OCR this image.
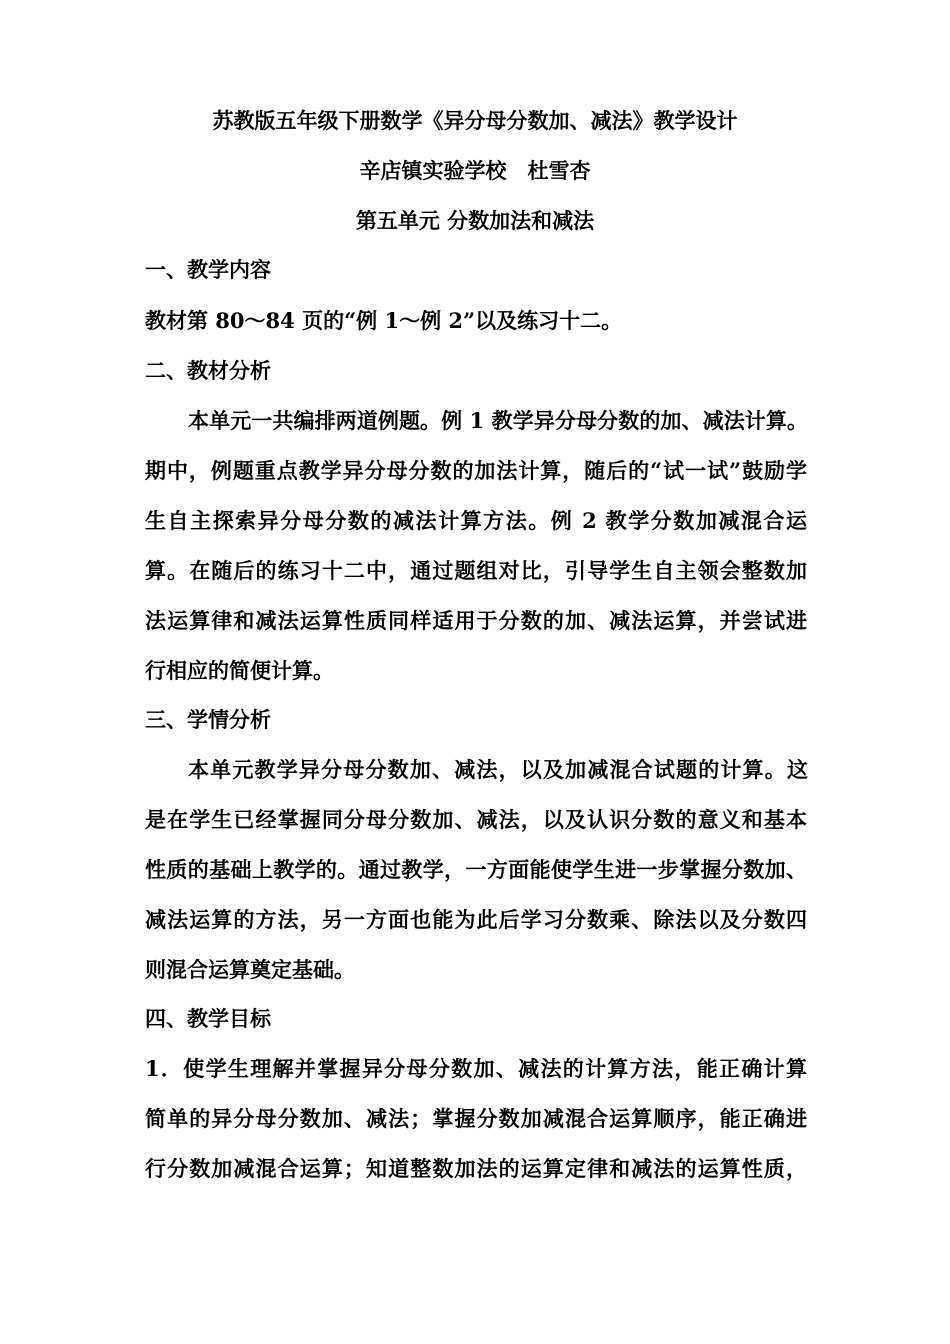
苏教版五年级下册数学《异分母分数加、减法》教学设计
辛店镇实验学校　杜雪杏
第五单元 分数加法和减法
一、教学内容
教材第 80～84 页的“例 1～例 2”以及练习十二。
二、教材分析
本单元一共编排两道例题。例 1 教学异分母分数的加、减法计算。
期中，例题重点教学异分母分数的加法计算，随后的“试一试”鼓励学
生自主探索异分母分数的减法计算方法。例 2 教学分数加减混合运
算。在随后的练习十二中，通过题组对比，引导学生自主领会整数加
法运算律和减法运算性质同样适用于分数的加、减法运算，并尝试进
行相应的简便计算。
三、学情分析
本单元教学异分母分数加、减法，以及加减混合试题的计算。这
是在学生已经掌握同分母分数加、减法，以及认识分数的意义和基本
性质的基础上教学的。通过教学，一方面能使学生进一步掌握分数加、
减法运算的方法，另一方面也能为此后学习分数乘、除法以及分数四
则混合运算奠定基础。
四、教学目标
1．使学生理解并掌握异分母分数加、减法的计算方法，能正确计算
简单的异分母分数加、减法；掌握分数加减混合运算顺序，能正确进
行分数加减混合运算；知道整数加法的运算定律和减法的运算性质，
